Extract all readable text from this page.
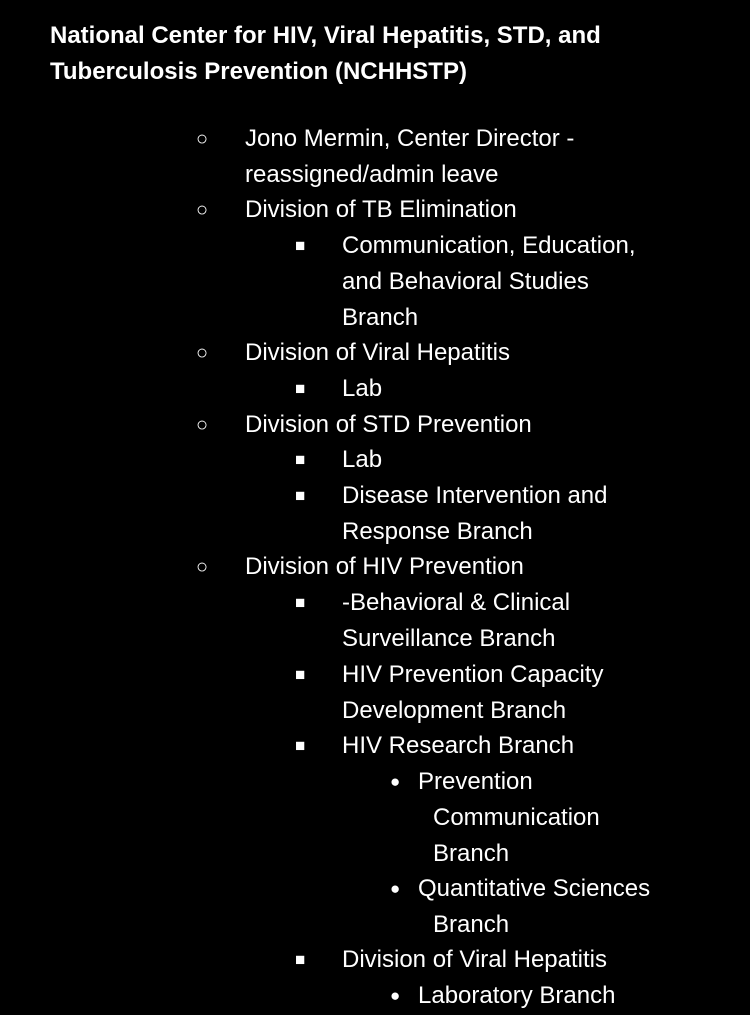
National Center for HIV, Viral Hepatitis, STD, and
Tuberculosis Prevention (NCHHSTP)
○ Jono Mermin, Center Director -
reassigned/admin leave
○ Division of TB Elimination
■ Communication, Education,
and Behavioral Studies
Branch
○ Division of Viral Hepatitis
■ Lab
○ Division of STD Prevention
■ Lab
■ Disease Intervention and
Response Branch
○ Division of HIV Prevention
■ -Behavioral & Clinical
Surveillance Branch
■ HIV Prevention Capacity
Development Branch
■ HIV Research Branch
● Prevention
Communication
Branch
● Quantitative Sciences
Branch
■ Division of Viral Hepatitis
● Laboratory Branch
